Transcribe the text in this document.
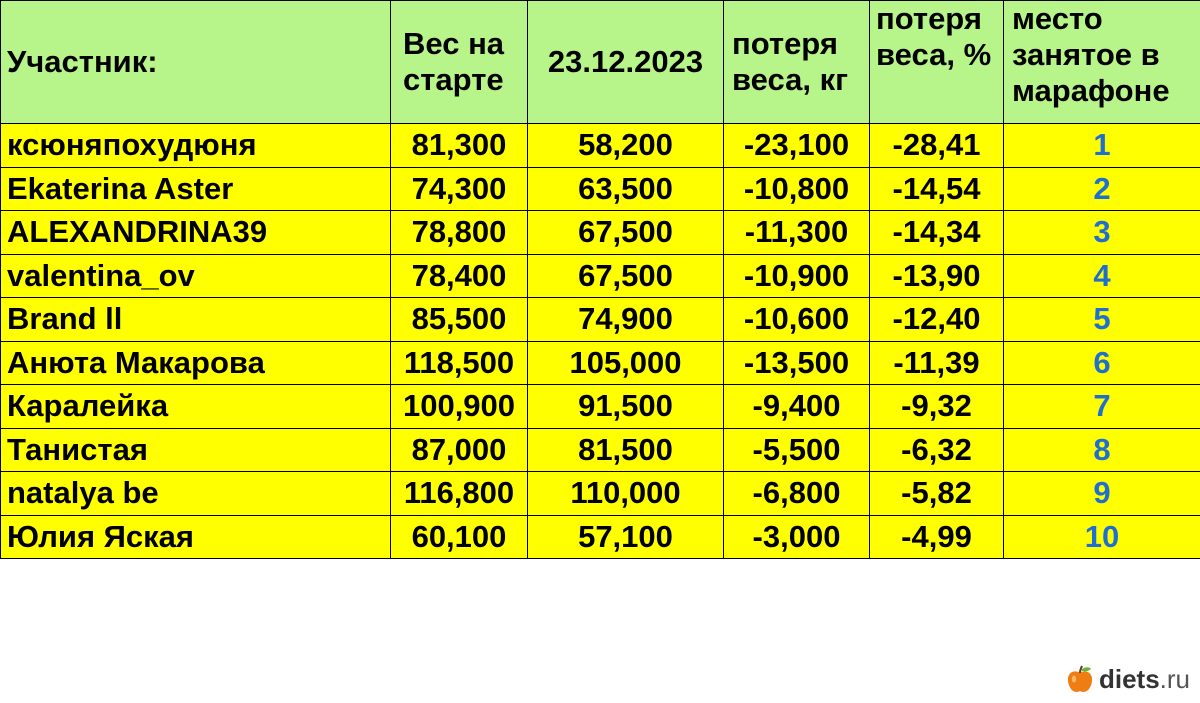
Участник:	Вес на старте	23.12.2023	потеря веса, кг	потеря веса, %	место занятое в марафоне
ксюняпохудюня	81,300	58,200	-23,100	-28,41	1
Ekaterina Aster	74,300	63,500	-10,800	-14,54	2
ALEXANDRINA39	78,800	67,500	-11,300	-14,34	3
valentina_ov	78,400	67,500	-10,900	-13,90	4
Brand ll	85,500	74,900	-10,600	-12,40	5
Анюта Макарова	118,500	105,000	-13,500	-11,39	6
Каралейка	100,900	91,500	-9,400	-9,32	7
Танистая	87,000	81,500	-5,500	-6,32	8
natalya be	116,800	110,000	-6,800	-5,82	9
Юлия Яская	60,100	57,100	-3,000	-4,99	10
diets.ru
